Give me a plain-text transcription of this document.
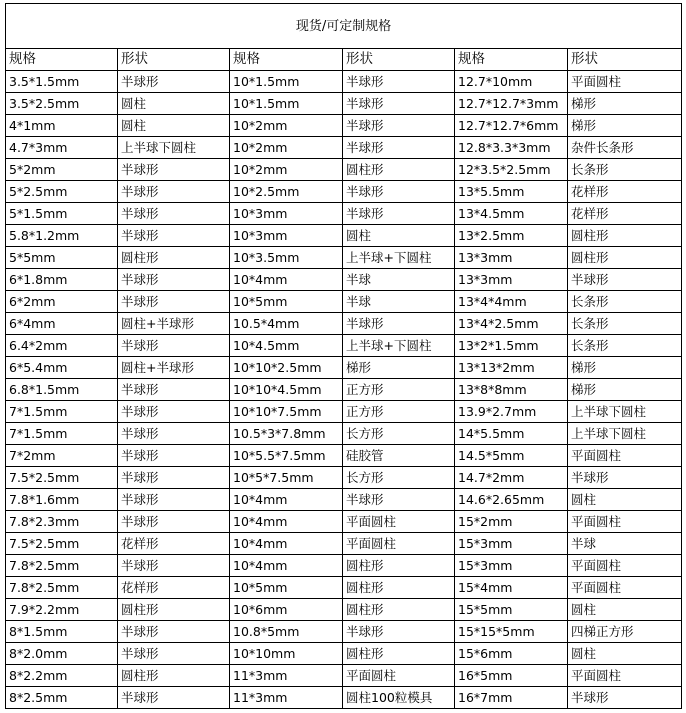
现货/可定制规格					
规格	形状	规格	形状	规格	形状
3.5*1.5mm	半球形	10*1.5mm	半球形	12.7*10mm	平面圆柱
3.5*2.5mm	圆柱	10*1.5mm	半球形	12.7*12.7*3mm	梯形
4*1mm	圆柱	10*2mm	半球形	12.7*12.7*6mm	梯形
4.7*3mm	上半球下圆柱	10*2mm	半球形	12.8*3.3*3mm	杂件长条形
5*2mm	半球形	10*2mm	圆柱形	12*3.5*2.5mm	长条形
5*2.5mm	半球形	10*2.5mm	半球形	13*5.5mm	花样形
5*1.5mm	半球形	10*3mm	半球形	13*4.5mm	花样形
5.8*1.2mm	半球形	10*3mm	圆柱	13*2.5mm	圆柱形
5*5mm	圆柱形	10*3.5mm	上半球+下圆柱	13*3mm	圆柱形
6*1.8mm	半球形	10*4mm	半球	13*3mm	半球形
6*2mm	半球形	10*5mm	半球	13*4*4mm	长条形
6*4mm	圆柱+半球形	10.5*4mm	半球形	13*4*2.5mm	长条形
6.4*2mm	半球形	10*4.5mm	上半球+下圆柱	13*2*1.5mm	长条形
6*5.4mm	圆柱+半球形	10*10*2.5mm	梯形	13*13*2mm	梯形
6.8*1.5mm	半球形	10*10*4.5mm	正方形	13*8*8mm	梯形
7*1.5mm	半球形	10*10*7.5mm	正方形	13.9*2.7mm	上半球下圆柱
7*1.5mm	半球形	10.5*3*7.8mm	长方形	14*5.5mm	上半球下圆柱
7*2mm	半球形	10*5.5*7.5mm	硅胶管	14.5*5mm	平面圆柱
7.5*2.5mm	半球形	10*5*7.5mm	长方形	14.7*2mm	半球形
7.8*1.6mm	半球形	10*4mm	半球形	14.6*2.65mm	圆柱
7.8*2.3mm	半球形	10*4mm	平面圆柱	15*2mm	平面圆柱
7.5*2.5mm	花样形	10*4mm	平面圆柱	15*3mm	半球
7.8*2.5mm	半球形	10*4mm	圆柱形	15*3mm	平面圆柱
7.8*2.5mm	花样形	10*5mm	圆柱形	15*4mm	平面圆柱
7.9*2.2mm	圆柱形	10*6mm	圆柱形	15*5mm	圆柱
8*1.5mm	半球形	10.8*5mm	半球形	15*15*5mm	四梯正方形
8*2.0mm	半球形	10*10mm	圆柱形	15*6mm	圆柱
8*2.2mm	圆柱形	11*3mm	平面圆柱	16*5mm	平面圆柱
8*2.5mm	半球形	11*3mm	圆柱100粒模具	16*7mm	半球形
